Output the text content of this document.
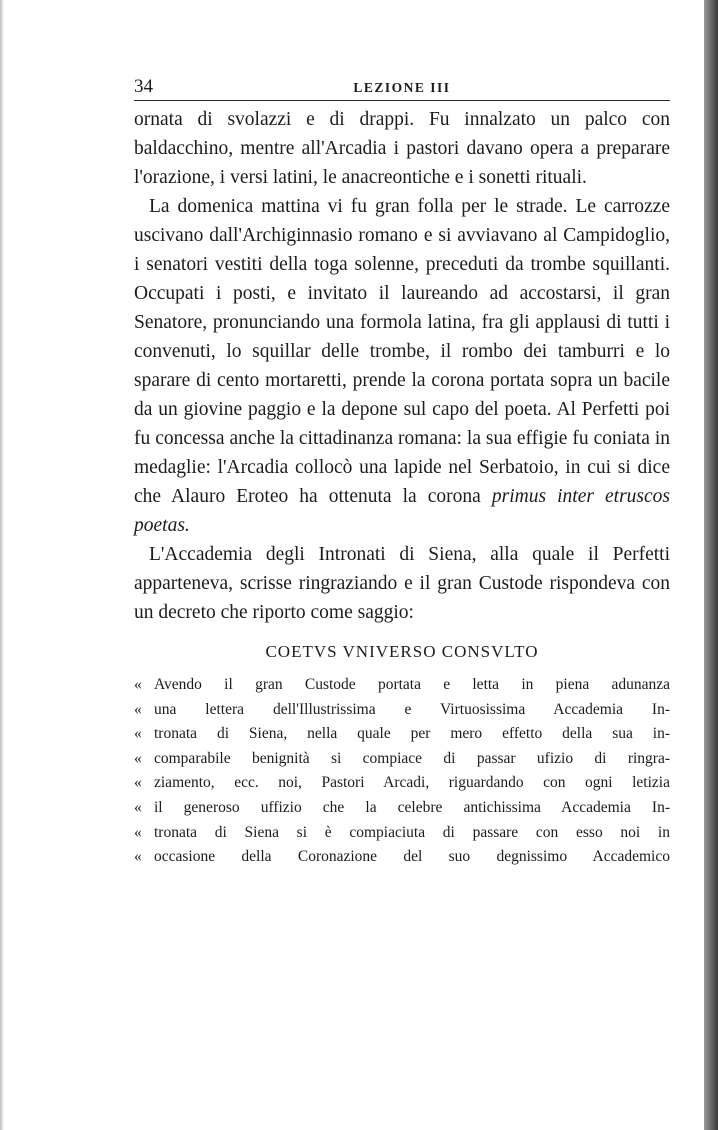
34	LEZIONE III

ornata di svolazzi e di drappi. Fu innalzato un palco con baldacchino, mentre all'Arcadia i pastori davano opera a preparare l'orazione, i versi latini, le anacreontiche e i sonetti rituali.

La domenica mattina vi fu gran folla per le strade. Le carrozze uscivano dall'Archiginnasio romano e si avviavano al Campidoglio, i senatori vestiti della toga solenne, preceduti da trombe squillanti. Occupati i posti, e invitato il laureando ad accostarsi, il gran Senatore, pronunciando una formola latina, fra gli applausi di tutti i convenuti, lo squillar delle trombe, il rombo dei tamburri e lo sparare di cento mortaretti, prende la corona portata sopra un bacile da un giovine paggio e la depone sul capo del poeta. Al Perfetti poi fu concessa anche la cittadinanza romana: la sua effigie fu coniata in medaglie: l'Arcadia collocò una lapide nel Serbatoio, in cui si dice che Alauro Eroteo ha ottenuta la corona primus inter etruscos poetas.

L'Accademia degli Intronati di Siena, alla quale il Perfetti apparteneva, scrisse ringraziando e il gran Custode rispondeva con un decreto che riporto come saggio:

COETVS VNIVERSO CONSVLTO
« Avendo il gran Custode portata e letta in piena adunanza
« una lettera dell'Illustrissima e Virtuosissima Accademia In-
« tronata di Siena, nella quale per mero effetto della sua in-
« comparabile benignità si compiace di passar ufizio di ringra-
« ziamento, ecc. noi, Pastori Arcadi, riguardando con ogni letizia
« il generoso uffizio che la celebre antichissima Accademia In-
« tronata di Siena si è compiaciuta di passare con esso noi in
« occasione della Coronazione del suo degnissimo Accademico
